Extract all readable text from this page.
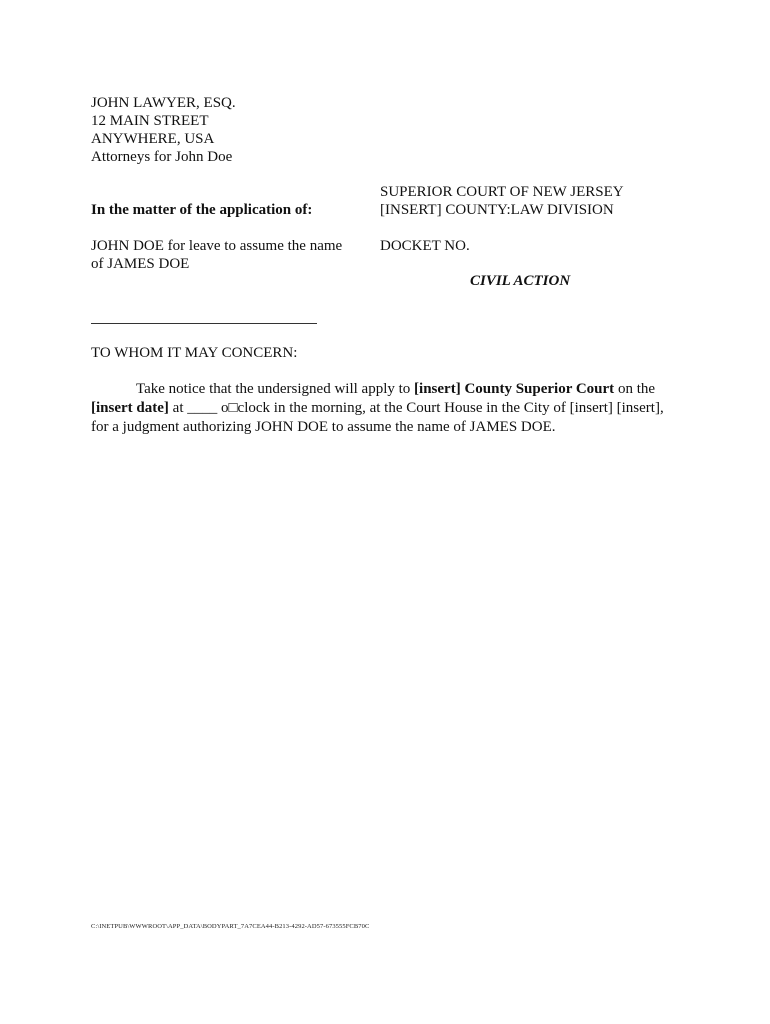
JOHN LAWYER, ESQ.
12 MAIN STREET
ANYWHERE, USA
Attorneys for John Doe
In the matter of the application of:
JOHN DOE for leave to assume the name
of JAMES DOE
SUPERIOR COURT OF NEW JERSEY
[INSERT] COUNTY:LAW DIVISION
DOCKET NO.
CIVIL ACTION
TO WHOM IT MAY CONCERN:
Take notice that the undersigned will apply to [insert] County Superior Court on the
[insert date] at ____ o□clock in the morning, at the Court House in the City of [insert] [insert],
for a judgment authorizing JOHN DOE to assume the name of JAMES DOE.
C:\INETPUB\WWWROOT\APP_DATA\BODYPART_7A7CEA44-B213-4292-AD57-673555FCB70C
